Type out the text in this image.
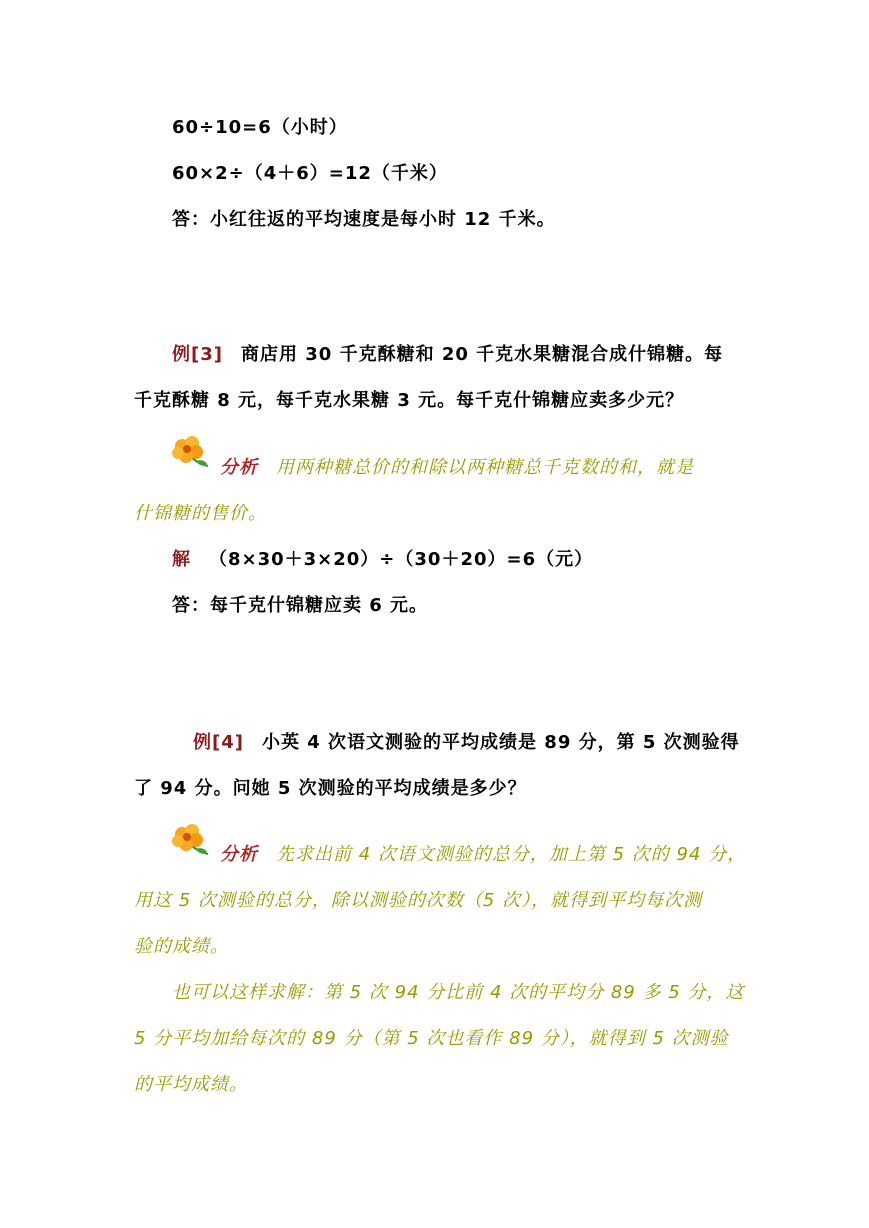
60÷10=6（小时）
60×2÷（4＋6）=12（千米）
答：小红往返的平均速度是每小时 12 千米。
例[3] 商店用 30 千克酥糖和 20 千克水果糖混合成什锦糖。每
千克酥糖 8 元，每千克水果糖 3 元。每千克什锦糖应卖多少元？
分析 用两种糖总价的和除以两种糖总千克数的和，就是
什锦糖的售价。
解 （8×30＋3×20）÷（30＋20）=6（元）
答：每千克什锦糖应卖 6 元。
例[4] 小英 4 次语文测验的平均成绩是 89 分，第 5 次测验得
了 94 分。问她 5 次测验的平均成绩是多少？
分析 先求出前 4 次语文测验的总分，加上第 5 次的 94 分，
用这 5 次测验的总分，除以测验的次数（5 次），就得到平均每次测
验的成绩。
也可以这样求解：第 5 次 94 分比前 4 次的平均分 89 多 5 分，这
5 分平均加给每次的 89 分（第 5 次也看作 89 分），就得到 5 次测验
的平均成绩。
